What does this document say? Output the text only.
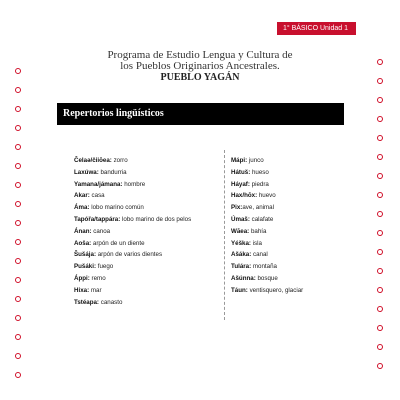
1° BÁSICO Unidad 1
Programa de Estudio Lengua y Cultura de
los Pueblos Originarios Ancestrales.
PUEBLO YAGÁN
Repertorios lingüísticos
Čelaə/čiiōea: zorro
Laxúwa: bandurria
Yamana/jámana: hombre
Akar: casa
Áma: lobo marino común
Tapóřa/tappára: lobo marino de dos pelos
Ánan: canoa
Aoša: arpón de un diente
Šušája: arpón de varios dientes
Pušáki: fuego
Áppi: remo
Hixa: mar
Tstéapa: canasto
Mápi: junco
Hátuš: hueso
Háyaf: piedra
Hax/hōx: huevo
Pix:ave, animal
Úmaš: calafate
Wāea: bahía
Yéška: isla
Ašáka: canal
Tulára: montaña
Ašúnna: bosque
Táun: ventisquero, glaciar
